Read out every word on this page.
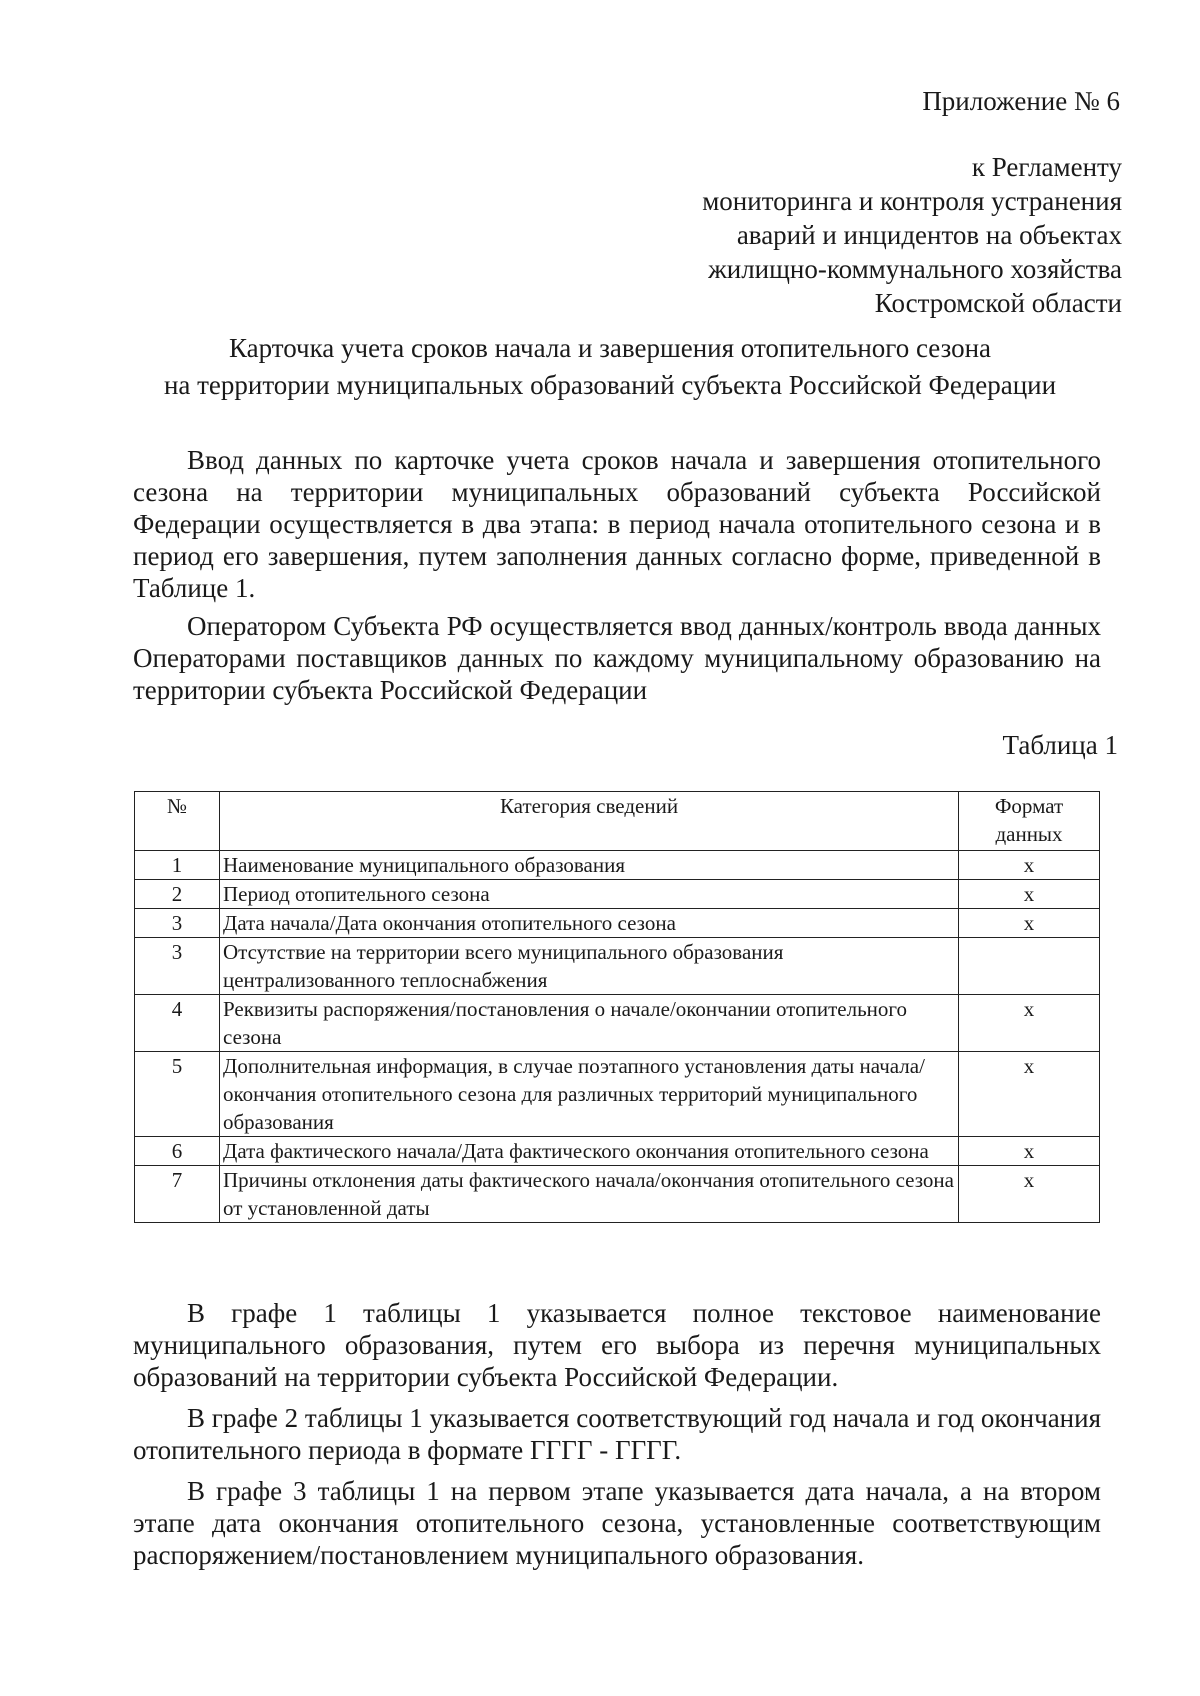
Приложение № 6
к Регламенту
мониторинга и контроля устранения
аварий и инцидентов на объектах
жилищно-коммунального хозяйства
Костромской области
Карточка учета сроков начала и завершения отопительного сезона
на территории муниципальных образований субъекта Российской Федерации

Ввод данных по карточке учета сроков начала и завершения отопительного сезона на территории муниципальных образований субъекта Российской Федерации осуществляется в два этапа: в период начала отопительного сезона и в период его завершения, путем заполнения данных согласно форме, приведенной в Таблице 1.

Оператором Субъекта РФ осуществляется ввод данных/контроль ввода данных Операторами поставщиков данных по каждому муниципальному образованию на территории субъекта Российской Федерации

Таблица 1
№	Категория сведений	Формат данных
1	Наименование муниципального образования	x
2	Период отопительного сезона	x
3	Дата начала/Дата окончания отопительного сезона	x
3	Отсутствие на территории всего муниципального образования централизованного теплоснабжения	
4	Реквизиты распоряжения/постановления о начале/окончании отопительного сезона	x
5	Дополнительная информация, в случае поэтапного установления даты начала/окончания отопительного сезона для различных территорий муниципального образования	x
6	Дата фактического начала/Дата фактического окончания отопительного сезона	x
7	Причины отклонения даты фактического начала/окончания отопительного сезона от установленной даты	x

В графе 1 таблицы 1 указывается полное текстовое наименование муниципального образования, путем его выбора из перечня муниципальных образований на территории субъекта Российской Федерации.

В графе 2 таблицы 1 указывается соответствующий год начала и год окончания отопительного периода в формате ГГГГ - ГГГГ.

В графе 3 таблицы 1 на первом этапе указывается дата начала, а на втором этапе дата окончания отопительного сезона, установленные соответствующим распоряжением/постановлением муниципального образования.
